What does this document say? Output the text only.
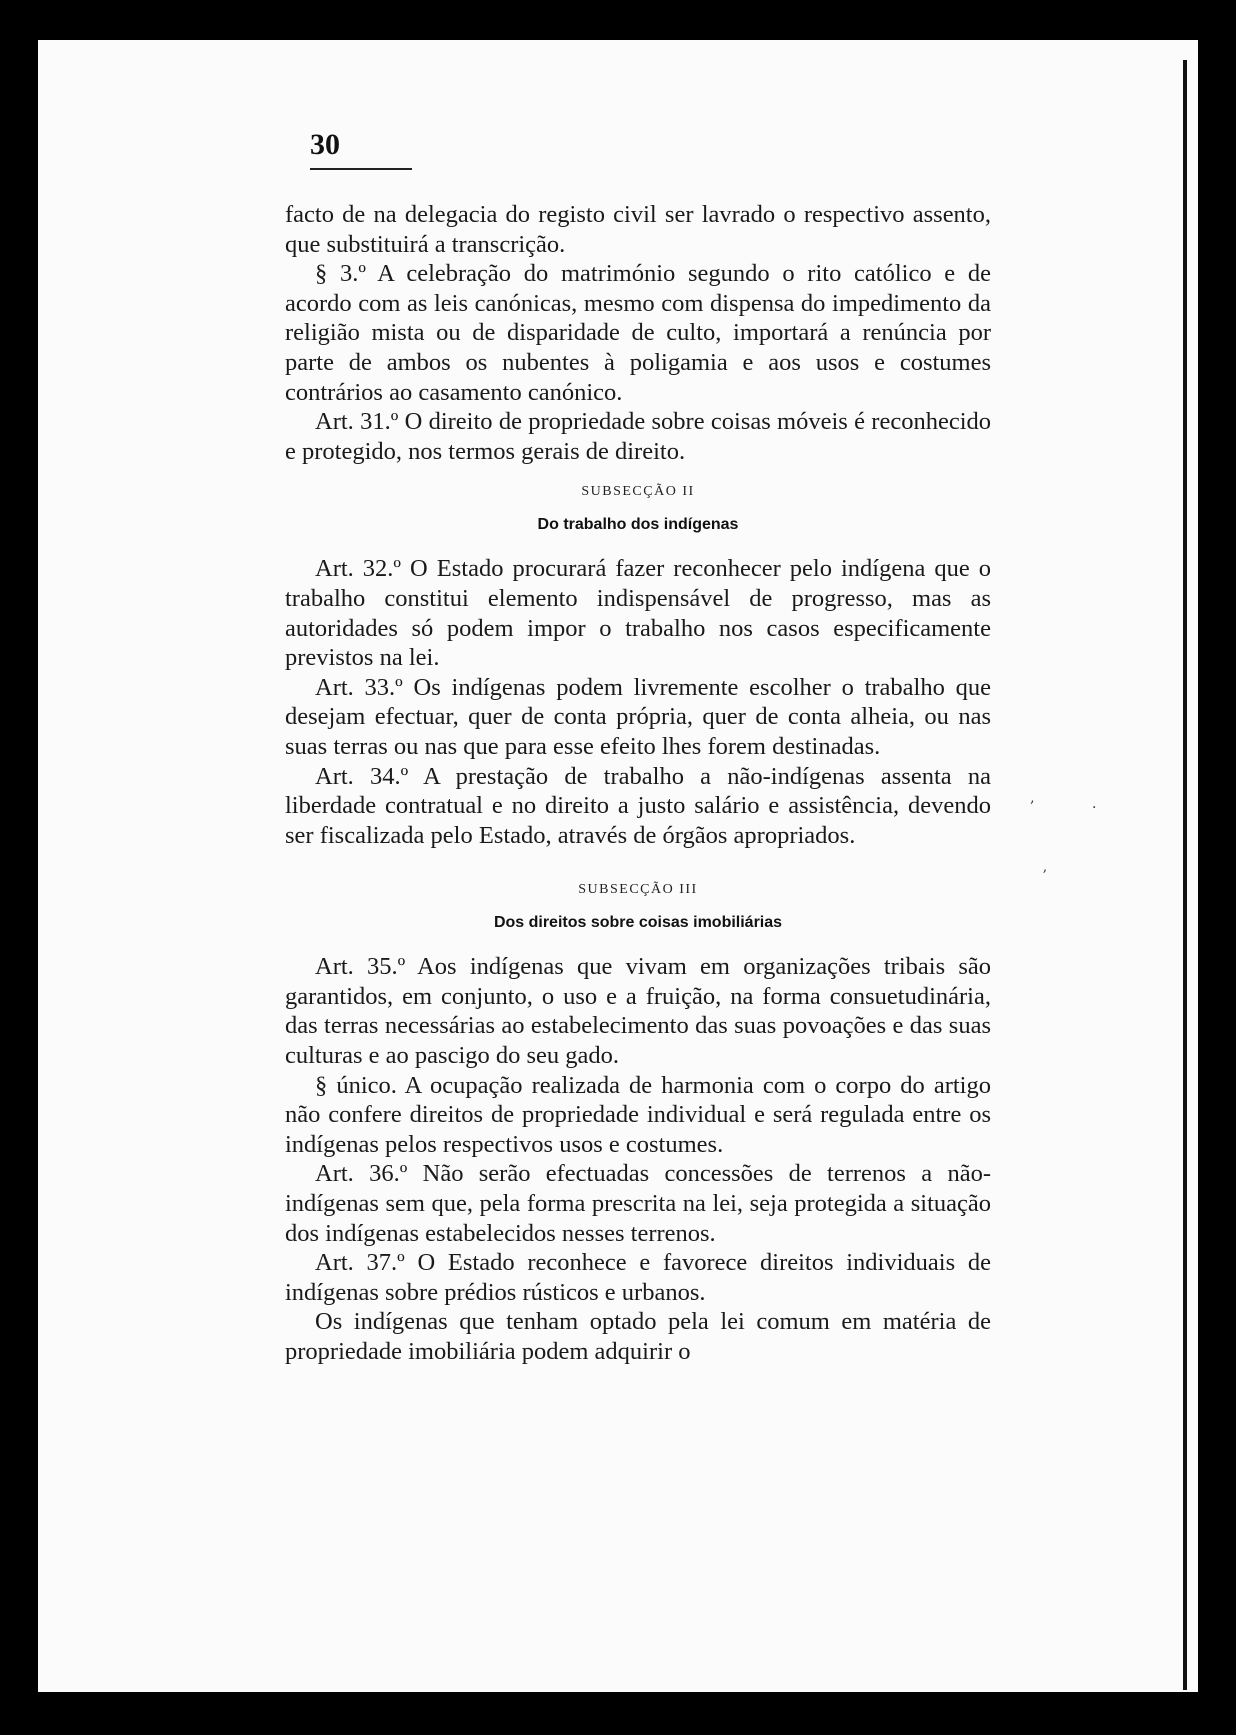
30

facto de na delegacia do registo civil ser lavrado o respectivo assento, que substituirá a transcrição.

§ 3.º A celebração do matrimónio segundo o rito católico e de acordo com as leis canónicas, mesmo com dispensa do impedimento da religião mista ou de disparidade de culto, importará a renúncia por parte de ambos os nubentes à poligamia e aos usos e costumes contrários ao casamento canónico.

Art. 31.º O direito de propriedade sobre coisas móveis é reconhecido e protegido, nos termos gerais de direito.

SUBSECÇÃO II

Do trabalho dos indígenas

Art. 32.º O Estado procurará fazer reconhecer pelo indígena que o trabalho constitui elemento indispensável de progresso, mas as autoridades só podem impor o trabalho nos casos especificamente previstos na lei.

Art. 33.º Os indígenas podem livremente escolher o trabalho que desejam efectuar, quer de conta própria, quer de conta alheia, ou nas suas terras ou nas que para esse efeito lhes forem destinadas.

Art. 34.º A prestação de trabalho a não-indígenas assenta na liberdade contratual e no direito a justo salário e assistência, devendo ser fiscalizada pelo Estado, através de órgãos apropriados.

SUBSECÇÃO III

Dos direitos sobre coisas imobiliárias

Art. 35.º Aos indígenas que vivam em organizações tribais são garantidos, em conjunto, o uso e a fruição, na forma consuetudinária, das terras necessárias ao estabelecimento das suas povoações e das suas culturas e ao pascigo do seu gado.

§ único. A ocupação realizada de harmonia com o corpo do artigo não confere direitos de propriedade individual e será regulada entre os indígenas pelos respectivos usos e costumes.

Art. 36.º Não serão efectuadas concessões de terrenos a não-indígenas sem que, pela forma prescrita na lei, seja protegida a situação dos indígenas estabelecidos nesses terrenos.

Art. 37.º O Estado reconhece e favorece direitos individuais de indígenas sobre prédios rústicos e urbanos.

Os indígenas que tenham optado pela lei comum em matéria de propriedade imobiliária podem adquirir o

‚
·
ʼ
